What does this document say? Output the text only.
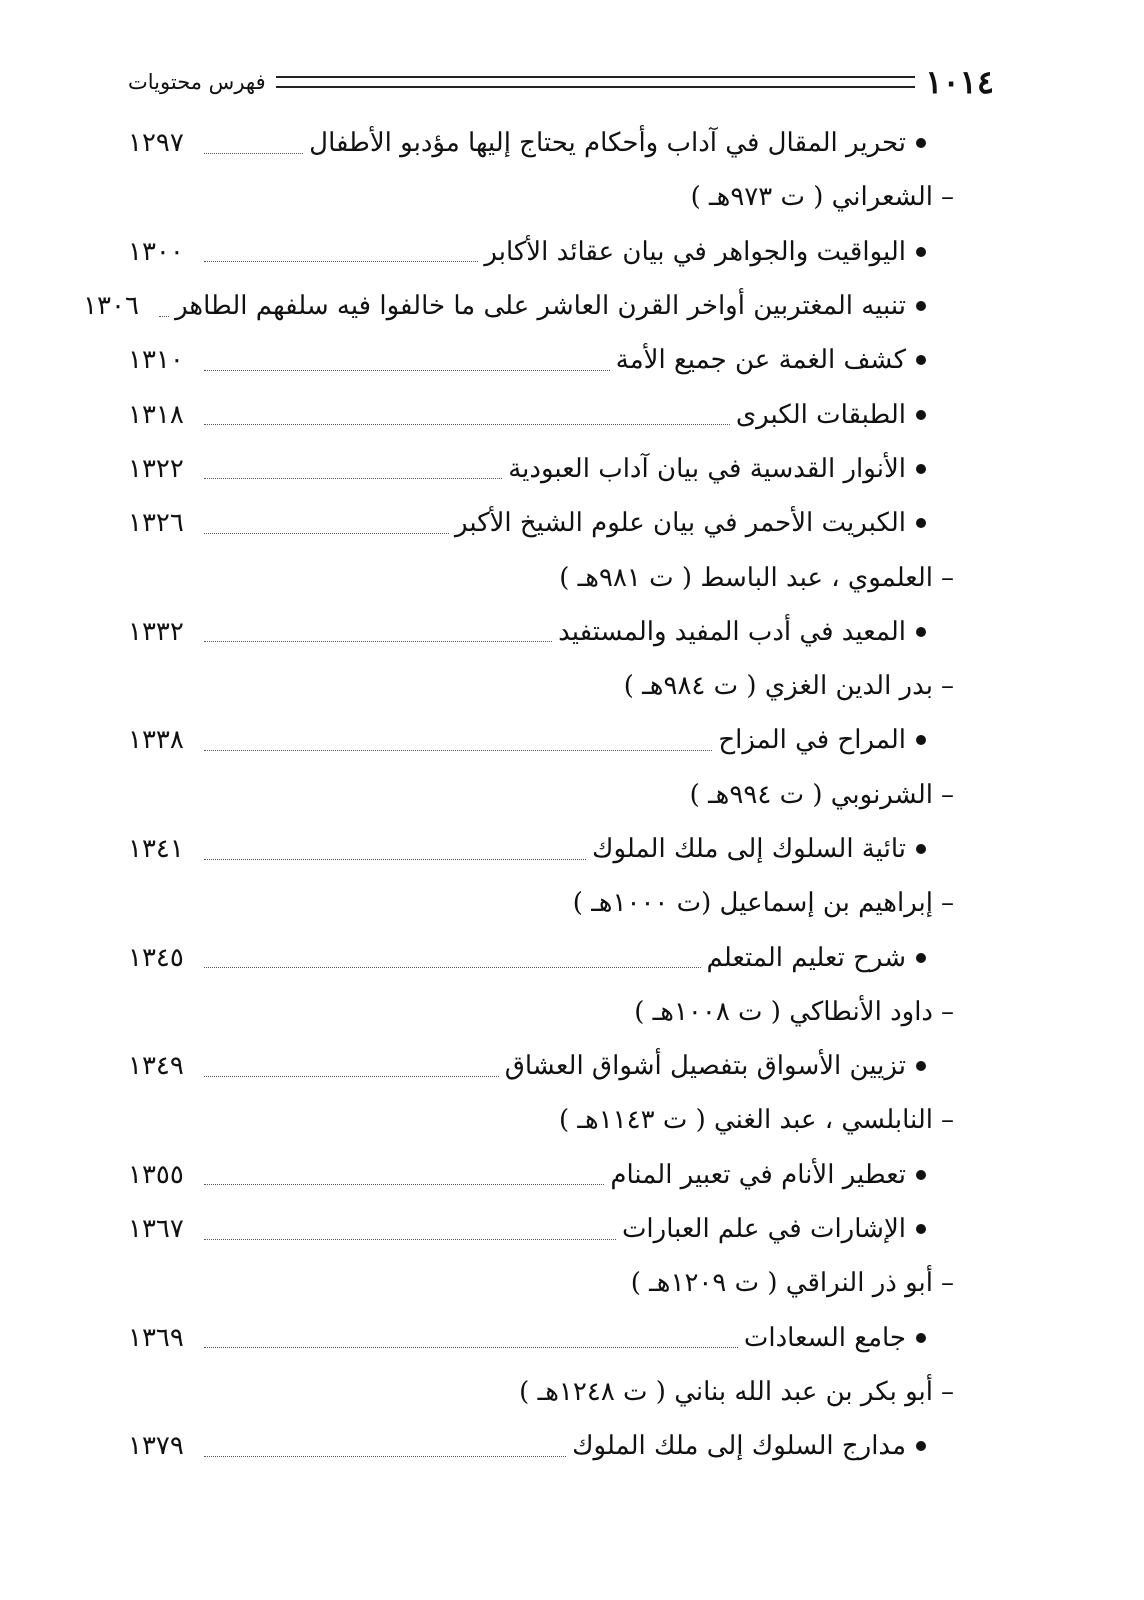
١٠١٤
فهرس محتويات
تحرير المقال في آداب وأحكام يحتاج إليها مؤدبو الأطفال
١٢٩٧
–
الشعراني ( ت ٩٧٣هـ )
اليواقيت والجواهر في بيان عقائد الأكابر
١٣٠٠
تنبيه المغتربين أواخر القرن العاشر على ما خالفوا فيه سلفهم الطاهر
١٣٠٦
كشف الغمة عن جميع الأمة
١٣١٠
الطبقات الكبرى
١٣١٨
الأنوار القدسية في بيان آداب العبودية
١٣٢٢
الكبريت الأحمر في بيان علوم الشيخ الأكبر
١٣٢٦
–
العلموي ، عبد الباسط ( ت ٩٨١هـ )
المعيد في أدب المفيد والمستفيد
١٣٣٢
–
بدر الدين الغزي ( ت ٩٨٤هـ )
المراح في المزاح
١٣٣٨
–
الشرنوبي ( ت ٩٩٤هـ )
تائية السلوك إلى ملك الملوك
١٣٤١
–
إبراهيم بن إسماعيل (ت ١٠٠٠هـ )
شرح تعليم المتعلم
١٣٤٥
–
داود الأنطاكي ( ت ١٠٠٨هـ )
تزيين الأسواق بتفصيل أشواق العشاق
١٣٤٩
–
النابلسي ، عبد الغني ( ت ١١٤٣هـ )
تعطير الأنام في تعبير المنام
١٣٥٥
الإشارات في علم العبارات
١٣٦٧
–
أبو ذر النراقي ( ت ١٢٠٩هـ )
جامع السعادات
١٣٦٩
–
أبو بكر بن عبد الله بناني ( ت ١٢٤٨هـ )
مدارج السلوك إلى ملك الملوك
١٣٧٩
